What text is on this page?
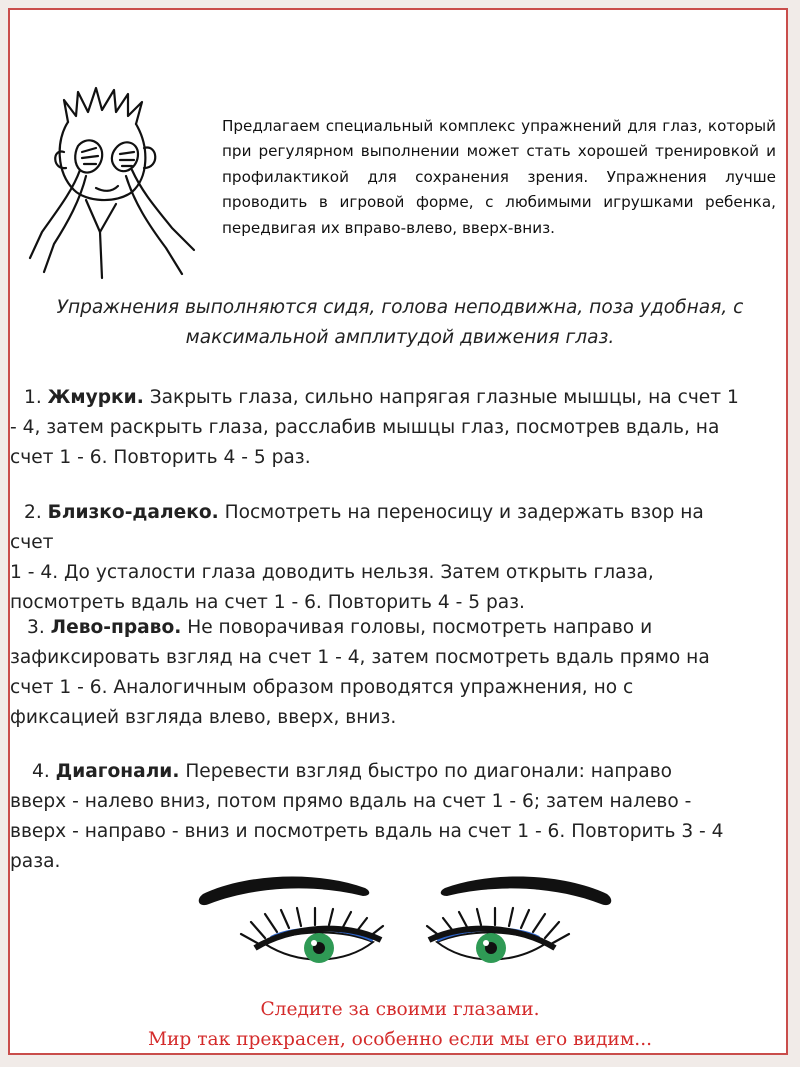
Предлагаем специальный комплекс упражнений для глаз, который при регулярном выполнении может стать хорошей тренировкой и профилактикой для сохранения зрения. Упражнения лучше проводить в игровой форме, с любимыми игрушками ребенка, передвигая их вправо-влево, вверх-вниз.
Упражнения выполняются сидя, голова неподвижна, поза удобная, с максимальной амплитудой движения глаз.
1. Жмурки. Закрыть глаза, сильно напрягая глазные мышцы, на счет 1
- 4, затем раскрыть глаза, расслабив мышцы глаз, посмотрев вдаль, на
счет 1 - 6. Повторить 4 - 5 раз.
2. Близко-далеко. Посмотреть на переносицу и задержать взор на
счет
1 - 4. До усталости глаза доводить нельзя. Затем открыть глаза,
посмотреть вдаль на счет 1 - 6. Повторить 4 - 5 раз.
3. Лево-право. Не поворачивая головы, посмотреть направо и
зафиксировать взгляд на счет 1 - 4, затем посмотреть вдаль прямо на
счет 1 - 6. Аналогичным образом проводятся упражнения, но с
фиксацией взгляда влево, вверх, вниз.
4. Диагонали. Перевести взгляд быстро по диагонали: направо
вверх - налево вниз, потом прямо вдаль на счет 1 - 6; затем налево -
вверх - направо - вниз и посмотреть вдаль на счет 1 - 6. Повторить 3 - 4
раза.
Следите за своими глазами.
Мир так прекрасен, особенно если мы его видим...
